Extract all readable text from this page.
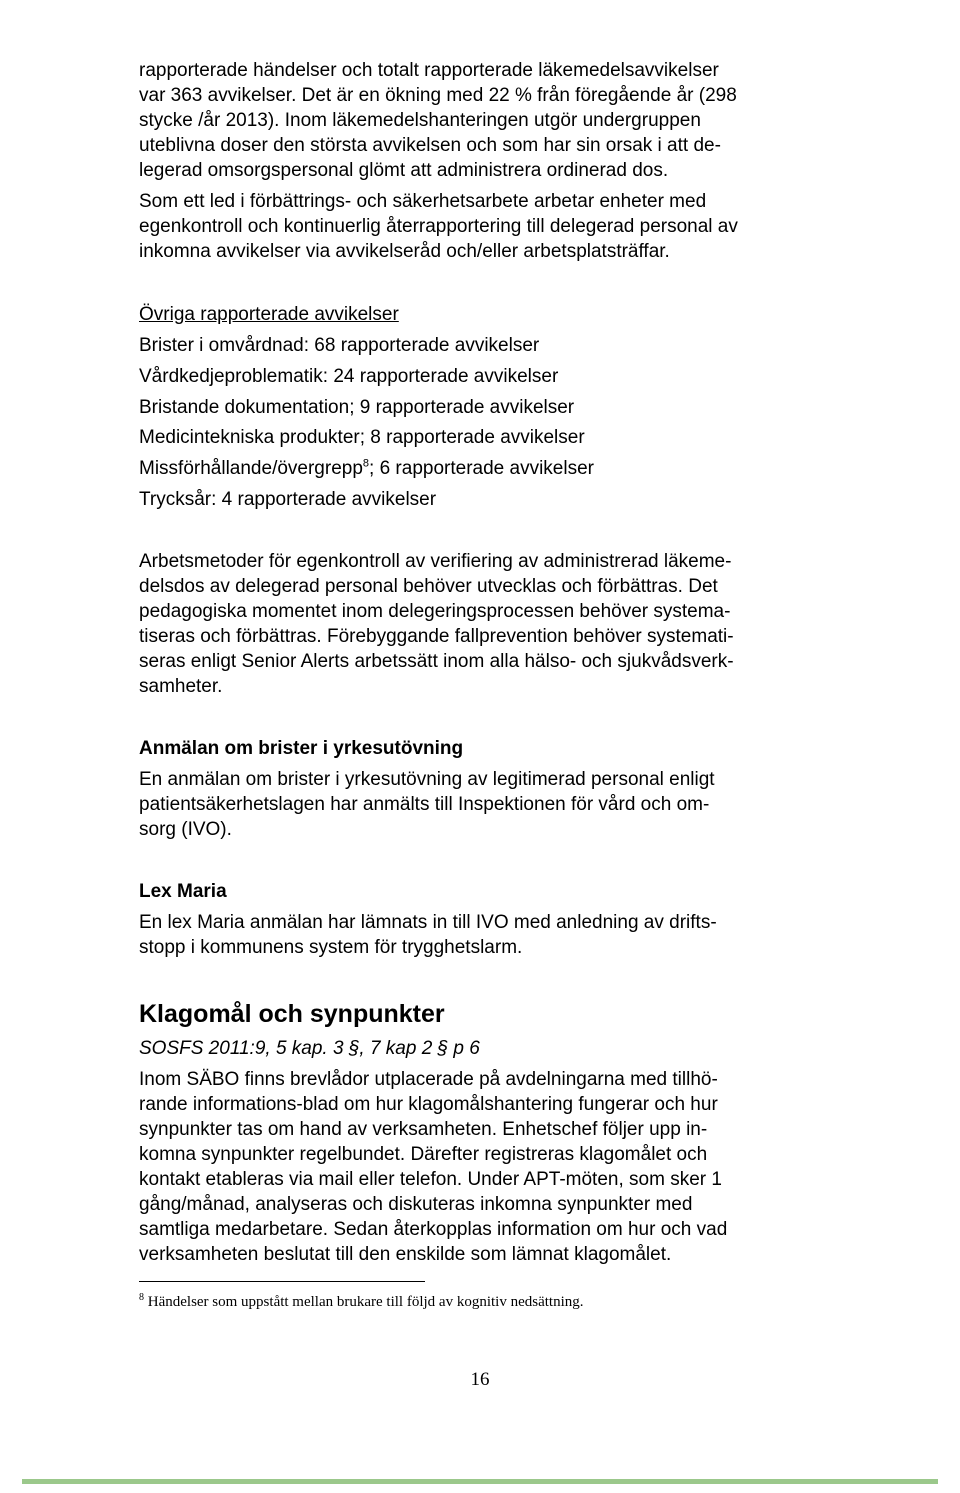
rapporterade händelser och totalt rapporterade läkemedelsavvikelser
var 363 avvikelser. Det är en ökning med 22 % från föregående år (298
stycke /år 2013). Inom läkemedelshanteringen utgör undergruppen
uteblivna doser den största avvikelsen och som har sin orsak i att de-
legerad omsorgspersonal glömt att administrera ordinerad dos.
Som ett led i förbättrings- och säkerhetsarbete arbetar enheter med
egenkontroll och kontinuerlig återrapportering till delegerad personal av
inkomna avvikelser via avvikelseråd och/eller arbetsplatsträffar.
Övriga rapporterade avvikelser
Brister i omvårdnad: 68 rapporterade avvikelser
Vårdkedjeproblematik: 24 rapporterade avvikelser
Bristande dokumentation; 9 rapporterade avvikelser
Medicintekniska produkter; 8 rapporterade avvikelser
Missförhållande/övergrepp$^8$; 6 rapporterade avvikelser
Trycksår: 4 rapporterade avvikelser
Arbetsmetoder för egenkontroll av verifiering av administrerad läkeme-
delsdos av delegerad personal behöver utvecklas och förbättras. Det
pedagogiska momentet inom delegeringsprocessen behöver systema-
tiseras och förbättras. Förebyggande fallprevention behöver systemati-
seras enligt Senior Alerts arbetssätt inom alla hälso- och sjukvådsverk-
samheter.
Anmälan om brister i yrkesutövning
En anmälan om brister i yrkesutövning av legitimerad personal enligt
patientsäkerhetslagen har anmälts till Inspektionen för vård och om-
sorg (IVO).
Lex Maria
En lex Maria anmälan har lämnats in till IVO med anledning av drifts-
stopp i kommunens system för trygghetslarm.
Klagomål och synpunkter
SOSFS 2011:9, 5 kap. 3 §, 7 kap 2 § p 6
Inom SÄBO finns brevlådor utplacerade på avdelningarna med tillhö-
rande informations-blad om hur klagomålshantering fungerar och hur
synpunkter tas om hand av verksamheten. Enhetschef följer upp in-
komna synpunkter regelbundet. Därefter registreras klagomålet och
kontakt etableras via mail eller telefon. Under APT-möten, som sker 1
gång/månad, analyseras och diskuteras inkomna synpunkter med
samtliga medarbetare. Sedan återkopplas information om hur och vad
verksamheten beslutat till den enskilde som lämnat klagomålet.
$^8$ Händelser som uppstått mellan brukare till följd av kognitiv nedsättning.
16
